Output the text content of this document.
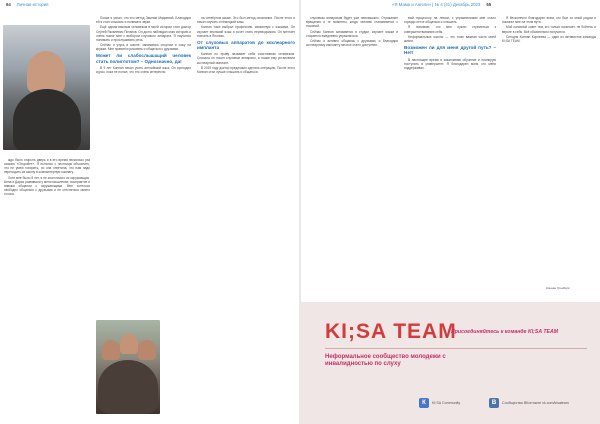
64 Личная история	«Я Мама и Ангели» | № 4 (41) Декабрь 2023 65

ждо было открыть дверь и в это время несколько раз сказать «Откройте». Я пытался с лестницы объяснить, что не умею говорить, но она ответила, что нам надо переходить из школу в компьютерную комнату.

Хотя мне было 8 лет, я не знал никого из окружающих. Анна и Дарья развивали у меня мышление, восприятие и навыки общения с окружающими. Мне хотелось свободно общаться с друзьями и не стесняться своего голоса.

Позже я узнал, что это метод Эмилии Мадиевой. Благодаря ей я стал слышать и понимать звуки.

Ещё одним важным человеком в моей истории стал доктор Сергей Яковлевич Потапов. Он долго наблюдал мою историю и очень помог мне с выбором слухового аппарата. Я научился понимать и прослушивать речь.

Сейчас я учусь в школе, занимаюсь спортом и хожу на кружки. Мне нравится рисовать и общаться с друзьями.

Может ли слабослышащий человек стать полиглотом? – Однозначно, да!

В 9 лет Коннан начал учить английский язык. Он проходил курсы, пока не понял, что это очень интересно.

на четвёртом языке. Это был метод опознания. После этого я начал изучать и немецкий язык.

Коннан тоже выбрал профессию, связанную с языками. Он изучает японский язык и хочет стать переводчиком. Он мечтает поехать в Японию.

От слуховых аппаратов до кохлеарного импланта

Коннан по праву называет себя счастливым человеком. Сначала он носил слуховые аппараты, а позже ему установили кохлеарный имплант.

В 2019 году доктор предложил сделать операцию. После этого Коннан стал лучше слышать и общаться.

слуховым аппаратам будет уже невозможно. Отражение вращения и те моменты, когда человек сталкивается с тишиной.

Сейчас Коннан занимается в студии, изучает языки и старается ежедневно упражняться.

Сейчас я активно общаюсь с друзьями, и благодаря кохлеарному импланту многое стало доступнее.

вый процессор на левом, с упражнениями мне стало гораздо легче общаться и слышать.

Я понимаю, что мне нужно стремиться к совершенствованию себя.

Неформальные школы — это тоже важная часть моей жизни.

Возможен ли для меня другой путь? – Нет!

В настоящее время я заканчиваю обучение и планирую поступать в университет. Я благодарен всем, кто меня поддерживал.

Я бесконечно благодарен всем, кто был со мной рядом и помогал мне на этом пути.

Мой основной совет тем, кто только начинает: не бойтесь и верьте в себя. Всё обязательно получится.

Сегодня Коннан Корнеева — один из активистов команды KI;SA TEAM.

Коннан Гринберг
KI;SA TEAM
Присоединяйтесь к команде KI;SA TEAM
Неформальное сообщество молодежи с инвалидностью по слуху
К	KI;SA Community	В	Сообщество ВКонтакте vk.com/kisateam
